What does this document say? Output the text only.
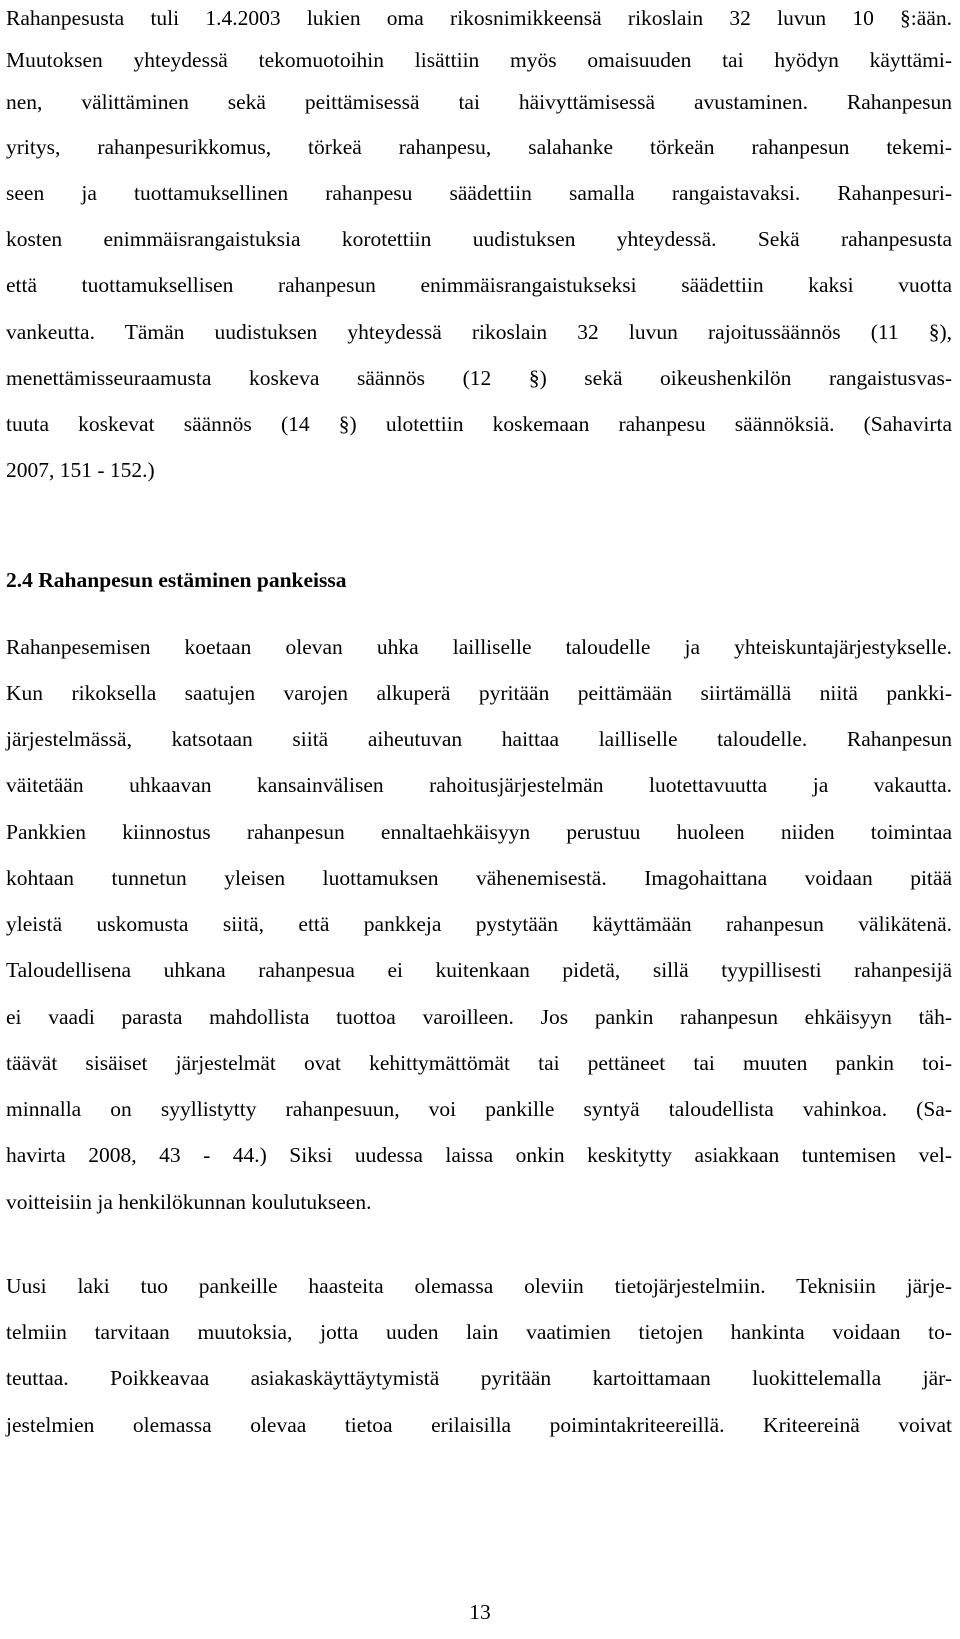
Rahanpesusta tuli 1.4.2003 lukien oma rikosnimikkeensä rikoslain 32 luvun 10 §:ään.
Muutoksen yhteydessä tekomuotoihin lisättiin myös omaisuuden tai hyödyn käyttämi-
nen, välittäminen sekä peittämisessä tai häivyttämisessä avustaminen. Rahanpesun
yritys, rahanpesurikkomus, törkeä rahanpesu, salahanke törkeän rahanpesun tekemi-
seen ja tuottamuksellinen rahanpesu säädettiin samalla rangaistavaksi. Rahanpesuri-
kosten enimmäisrangaistuksia korotettiin uudistuksen yhteydessä. Sekä rahanpesusta
että tuottamuksellisen rahanpesun enimmäisrangaistukseksi säädettiin kaksi vuotta
vankeutta. Tämän uudistuksen yhteydessä rikoslain 32 luvun rajoitussäännös (11 §),
menettämisseuraamusta koskeva säännös (12 §) sekä oikeushenkilön rangaistusvas-
tuuta koskevat säännös (14 §) ulotettiin koskemaan rahanpesu säännöksiä. (Sahavirta
2007, 151 - 152.)
2.4 Rahanpesun estäminen pankeissa
Rahanpesemisen koetaan olevan uhka lailliselle taloudelle ja yhteiskuntajärjestykselle.
Kun rikoksella saatujen varojen alkuperä pyritään peittämään siirtämällä niitä pankki-
järjestelmässä, katsotaan siitä aiheutuvan haittaa lailliselle taloudelle. Rahanpesun
väitetään uhkaavan kansainvälisen rahoitusjärjestelmän luotettavuutta ja vakautta.
Pankkien kiinnostus rahanpesun ennaltaehkäisyyn perustuu huoleen niiden toimintaa
kohtaan tunnetun yleisen luottamuksen vähenemisestä. Imagohaittana voidaan pitää
yleistä uskomusta siitä, että pankkeja pystytään käyttämään rahanpesun välikätenä.
Taloudellisena uhkana rahanpesua ei kuitenkaan pidetä, sillä tyypillisesti rahanpesijä
ei vaadi parasta mahdollista tuottoa varoilleen. Jos pankin rahanpesun ehkäisyyn täh-
täävät sisäiset järjestelmät ovat kehittymättömät tai pettäneet tai muuten pankin toi-
minnalla on syyllistytty rahanpesuun, voi pankille syntyä taloudellista vahinkoa. (Sa-
havirta 2008, 43 - 44.) Siksi uudessa laissa onkin keskitytty asiakkaan tuntemisen vel-
voitteisiin ja henkilökunnan koulutukseen.
Uusi laki tuo pankeille haasteita olemassa oleviin tietojärjestelmiin. Teknisiin järje-
telmiin tarvitaan muutoksia, jotta uuden lain vaatimien tietojen hankinta voidaan to-
teuttaa. Poikkeavaa asiakaskäyttäytymistä pyritään kartoittamaan luokittelemalla jär-
jestelmien olemassa olevaa tietoa erilaisilla poimintakriteereillä. Kriteereinä voivat
13
